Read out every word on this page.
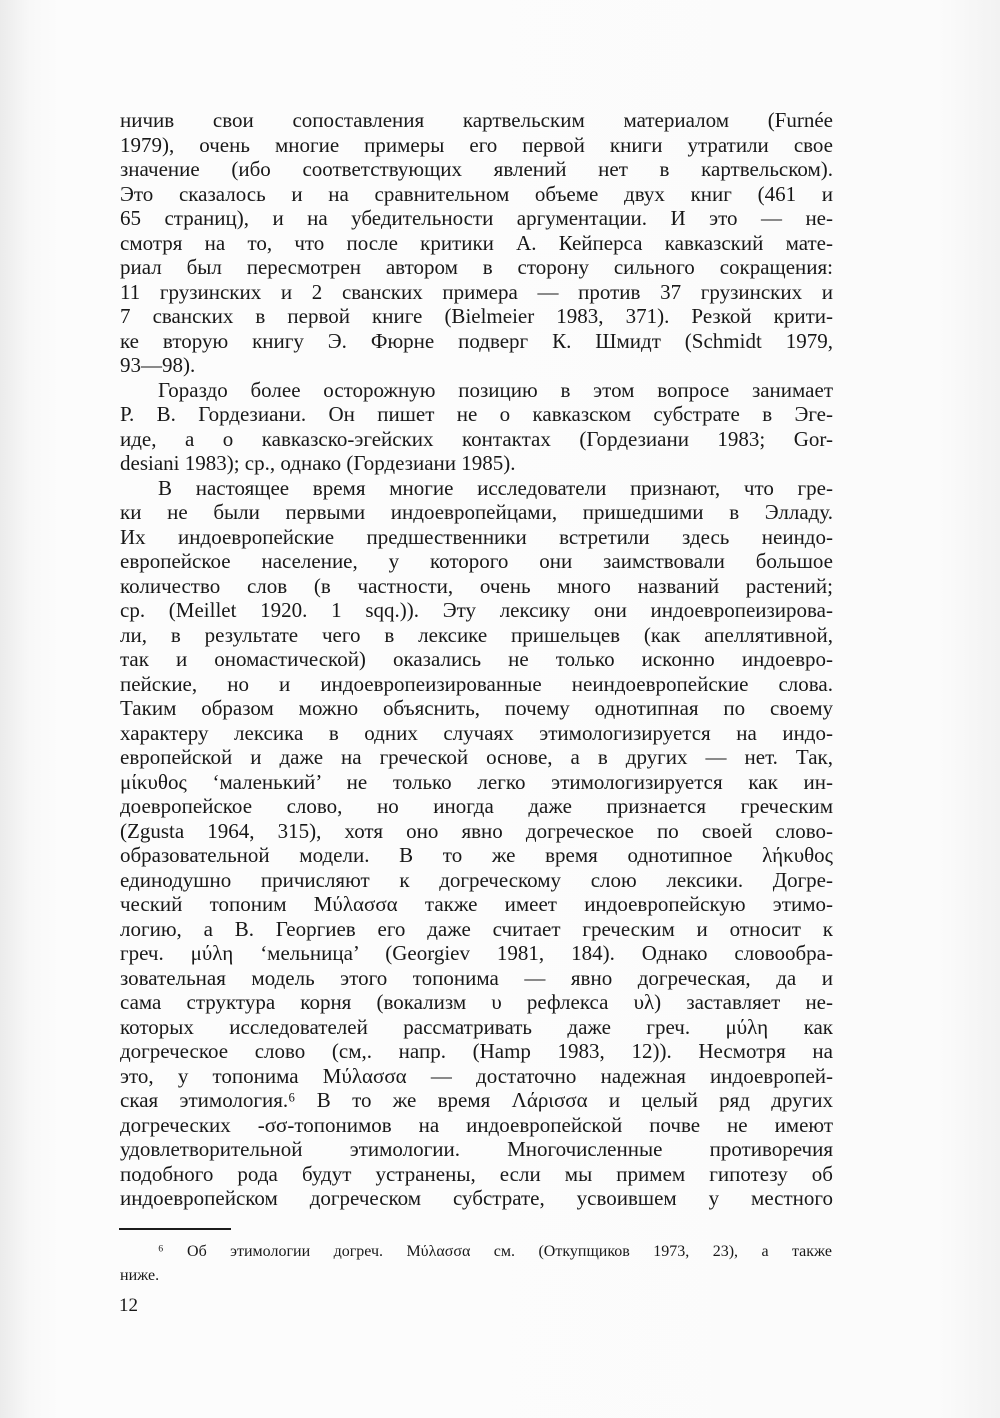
ничив свои сопоставления картвельским материалом (Furnée
1979), очень многие примеры его первой книги утратили свое
значение (ибо соответствующих явлений нет в картвельском).
Это сказалось и на сравнительном объеме двух книг (461 и
65 страниц), и на убедительности аргументации. И это — не-
смотря на то, что после критики А. Кейперса кавказский мате-
риал был пересмотрен автором в сторону сильного сокращения:
11 грузинских и 2 сванских примера — против 37 грузинских и
7 сванских в первой книге (Bielmeier 1983, 371). Резкой крити-
ке вторую книгу Э. Фюрне подверг К. Шмидт (Schmidt 1979,
93—98).
Гораздо более осторожную позицию в этом вопросе занимает
Р. В. Гордезиани. Он пишет не о кавказском субстрате в Эге-
иде, а о кавказско-эгейских контактах (Гордезиани 1983; Gor-
desiani 1983); ср., однако (Гордезиани 1985).
В настоящее время многие исследователи признают, что гре-
ки не были первыми индоевропейцами, пришедшими в Элладу.
Их индоевропейские предшественники встретили здесь неиндо-
европейское население, у которого они заимствовали большое
количество слов (в частности, очень много названий растений;
ср. (Meillet 1920. 1 sqq.)). Эту лексику они индоевропеизирова-
ли, в результате чего в лексике пришельцев (как апеллятивной,
так и ономастической) оказались не только исконно индоевро-
пейские, но и индоевропеизированные неиндоевропейские слова.
Таким образом можно объяснить, почему однотипная по своему
характеру лексика в одних случаях этимологизируется на индо-
европейской и даже на греческой основе, а в других — нет. Так,
μίκυθος ‘маленький’ не только легко этимологизируется как ин-
доевропейское слово, но иногда даже признается греческим
(Zgusta 1964, 315), хотя оно явно догреческое по своей слово-
образовательной модели. В то же время однотипное λήκυθος
единодушно причисляют к догреческому слою лексики. Догре-
ческий топоним Μύλασσα также имеет индоевропейскую этимо-
логию, а В. Георгиев его даже считает греческим и относит к
греч. μύλη ‘мельница’ (Georgiev 1981, 184). Однако словообра-
зовательная модель этого топонима — явно догреческая, да и
сама структура корня (вокализм υ рефлекса υλ) заставляет не-
которых исследователей рассматривать даже греч. μύλη как
догреческое слово (см,. напр. (Hamp 1983, 12)). Несмотря на
это, у топонима Μύλασσα — достаточно надежная индоевропей-
ская этимология.⁶ В то же время Λάρισσα и целый ряд других
догреческих -σσ-топонимов на индоевропейской почве не имеют
удовлетворительной этимологии. Многочисленные противоречия
подобного рода будут устранены, если мы примем гипотезу об
индоевропейском догреческом субстрате, усвоившем у местного
⁶ Об этимологии догреч. Μύλασσα см. (Откупщиков 1973, 23), а также
ниже.
12
